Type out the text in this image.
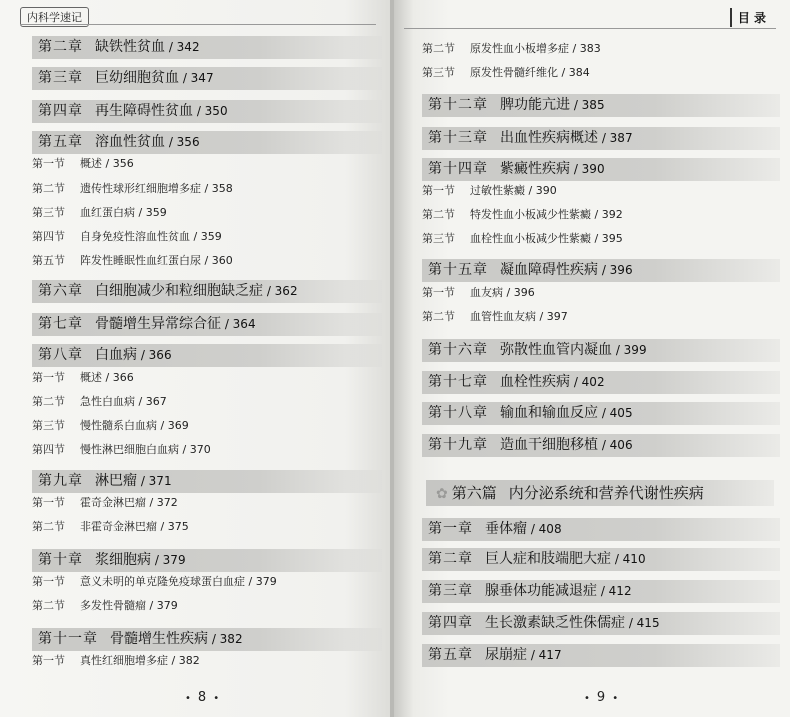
内科学速记
第二章 缺铁性贫血 / 342
第三章 巨幼细胞贫血 / 347
第四章 再生障碍性贫血 / 350
第五章 溶血性贫血 / 356
第一节 概述 / 356
第二节 遗传性球形红细胞增多症 / 358
第三节 血红蛋白病 / 359
第四节 自身免疫性溶血性贫血 / 359
第五节 阵发性睡眠性血红蛋白尿 / 360
第六章 白细胞减少和粒细胞缺乏症 / 362
第七章 骨髓增生异常综合征 / 364
第八章 白血病 / 366
第一节 概述 / 366
第二节 急性白血病 / 367
第三节 慢性髓系白血病 / 369
第四节 慢性淋巴细胞白血病 / 370
第九章 淋巴瘤 / 371
第一节 霍奇金淋巴瘤 / 372
第二节 非霍奇金淋巴瘤 / 375
第十章 浆细胞病 / 379
第一节 意义未明的单克隆免疫球蛋白血症 / 379
第二节 多发性骨髓瘤 / 379
第十一章 骨髓增生性疾病 / 382
第一节 真性红细胞增多症 / 382
• 8 •
目 录
第二节 原发性血小板增多症 / 383
第三节 原发性骨髓纤维化 / 384
第十二章 脾功能亢进 / 385
第十三章 出血性疾病概述 / 387
第十四章 紫癜性疾病 / 390
第一节 过敏性紫癜 / 390
第二节 特发性血小板减少性紫癜 / 392
第三节 血栓性血小板减少性紫癜 / 395
第十五章 凝血障碍性疾病 / 396
第一节 血友病 / 396
第二节 血管性血友病 / 397
第十六章 弥散性血管内凝血 / 399
第十七章 血栓性疾病 / 402
第十八章 输血和输血反应 / 405
第十九章 造血干细胞移植 / 406
✿ 第六篇 内分泌系统和营养代谢性疾病
第一章 垂体瘤 / 408
第二章 巨人症和肢端肥大症 / 410
第三章 腺垂体功能减退症 / 412
第四章 生长激素缺乏性侏儒症 / 415
第五章 尿崩症 / 417
• 9 •
